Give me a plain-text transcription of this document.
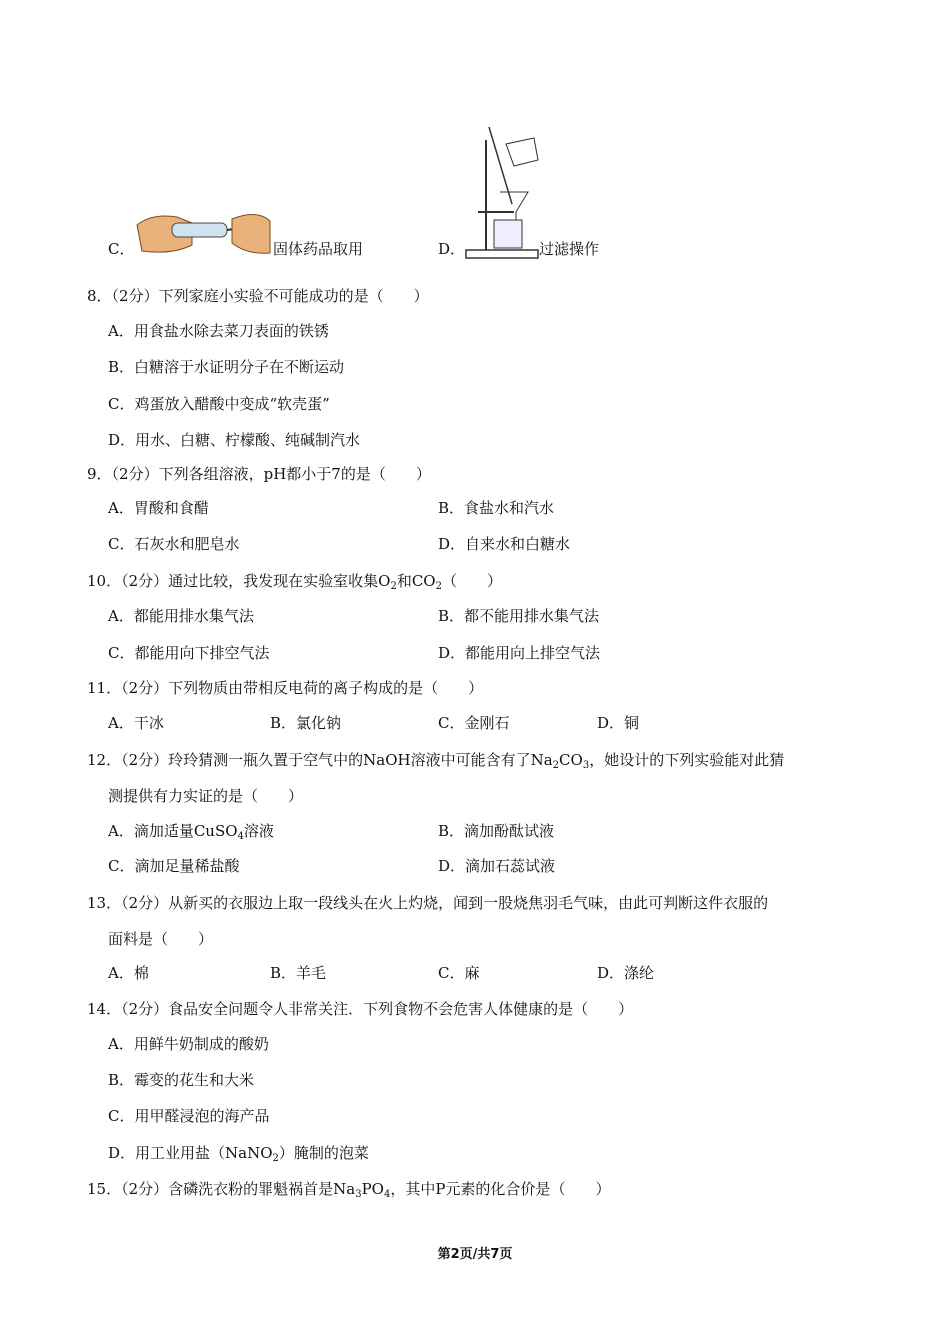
C．	固体药品取用	D．	过滤操作
8．（2分）下列家庭小实验不可能成功的是（　　）
A．用食盐水除去菜刀表面的铁锈
B．白糖溶于水证明分子在不断运动
C．鸡蛋放入醋酸中变成“软壳蛋”
D．用水、白糖、柠檬酸、纯碱制汽水
9．（2分）下列各组溶液，pH都小于7的是（　　）
A．胃酸和食醋	B．食盐水和汽水
C．石灰水和肥皂水	D．自来水和白糖水
10．（2分）通过比较，我发现在实验室收集$O_2$和$CO_2$（　　）
A．都能用排水集气法	B．都不能用排水集气法
C．都能用向下排空气法	D．都能用向上排空气法
11．（2分）下列物质由带相反电荷的离子构成的是（　　）
A．干冰	B．氯化钠	C．金刚石	D．铜
12．（2分）玲玲猜测一瓶久置于空气中的NaOH溶液中可能含有了$Na_2CO_3$，她设计的下列实验能对此猜
测提供有力实证的是（　　）
A．滴加适量CuSO$_4$溶液	B．滴加酚酞试液
C．滴加足量稀盐酸	D．滴加石蕊试液
13．（2分）从新买的衣服边上取一段线头在火上灼烧，闻到一股烧焦羽毛气味，由此可判断这件衣服的
面料是（　　）
A．棉	B．羊毛	C．麻	D．涤纶
14．（2分）食品安全问题令人非常关注．下列食物不会危害人体健康的是（　　）
A．用鲜牛奶制成的酸奶
B．霉变的花生和大米
C．用甲醛浸泡的海产品
D．用工业用盐（NaNO$_2$）腌制的泡菜
15．（2分）含磷洗衣粉的罪魁祸首是$Na_3PO_4$，其中P元素的化合价是（　　）
第2页/共7页
